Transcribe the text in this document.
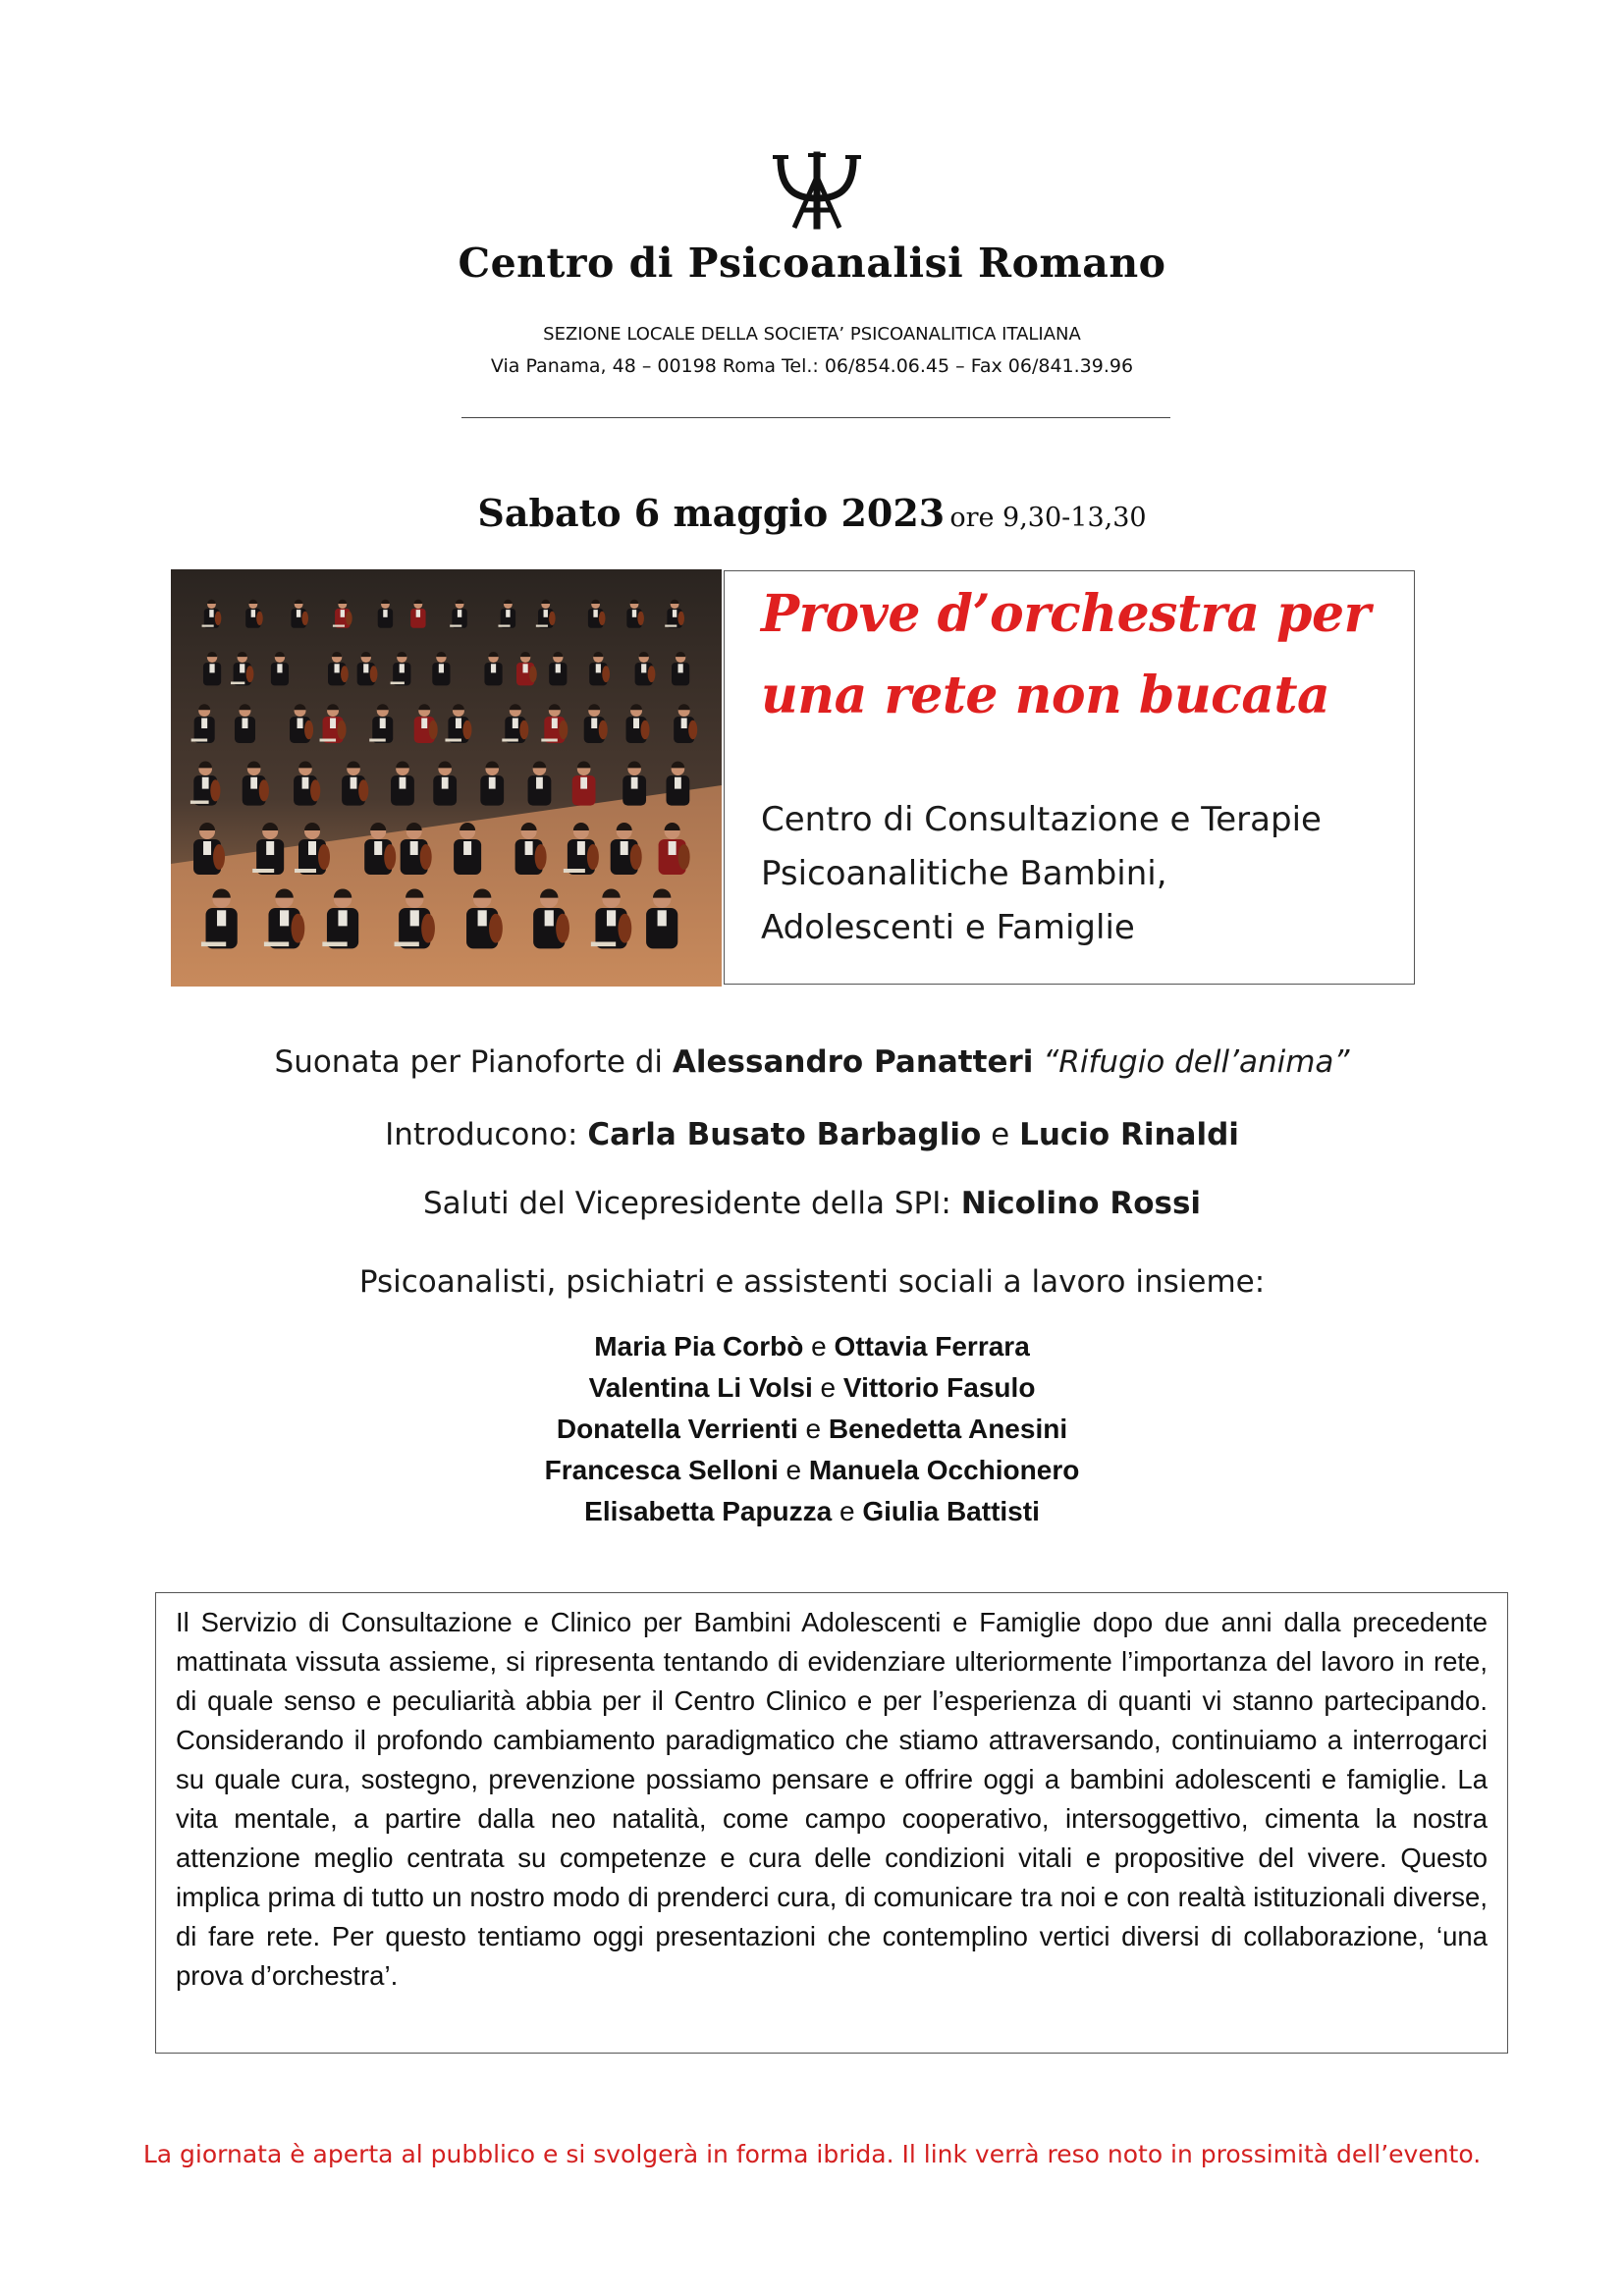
Centro di Psicoanalisi Romano
SEZIONE LOCALE DELLA SOCIETA’ PSICOANALITICA ITALIANA
Via Panama, 48 – 00198 Roma Tel.: 06/854.06.45 – Fax 06/841.39.96
Sabato 6 maggio 2023 ore 9,30-13,30
Prove d’orchestra per
una rete non bucata
Centro di Consultazione e Terapie
Psicoanalitiche Bambini,
Adolescenti e Famiglie
Suonata per Pianoforte di Alessandro Panatteri “Rifugio dell’anima”
Introducono: Carla Busato Barbaglio e Lucio Rinaldi
Saluti del Vicepresidente della SPI: Nicolino Rossi
Psicoanalisti, psichiatri e assistenti sociali a lavoro insieme:
Maria Pia Corbò e Ottavia Ferrara
Valentina Li Volsi e Vittorio Fasulo
Donatella Verrienti e Benedetta Anesini
Francesca Selloni e Manuela Occhionero
Elisabetta Papuzza e Giulia Battisti

Il Servizio di Consultazione e Clinico per Bambini Adolescenti e Famiglie dopo due anni dalla precedente mattinata vissuta assieme, si ripresenta tentando di evidenziare ulteriormente l’importanza del lavoro in rete, di quale senso e peculiarità abbia per il Centro Clinico e per l’esperienza di quanti vi stanno partecipando. Considerando il profondo cambiamento paradigmatico che stiamo attraversando, continuiamo a interrogarci su quale cura, sostegno, prevenzione possiamo pensare e offrire oggi a bambini adolescenti e famiglie. La vita mentale, a partire dalla neo natalità, come campo cooperativo, intersoggettivo, cimenta la nostra attenzione meglio centrata su competenze e cura delle condizioni vitali e propositive del vivere. Questo implica prima di tutto un nostro modo di prenderci cura, di comunicare tra noi e con realtà istituzionali diverse, di fare rete. Per questo tentiamo oggi presentazioni che contemplino vertici diversi di collaborazione, ‘una prova d’orchestra’.

La giornata è aperta al pubblico e si svolgerà in forma ibrida. Il link verrà reso noto in prossimità dell’evento.
